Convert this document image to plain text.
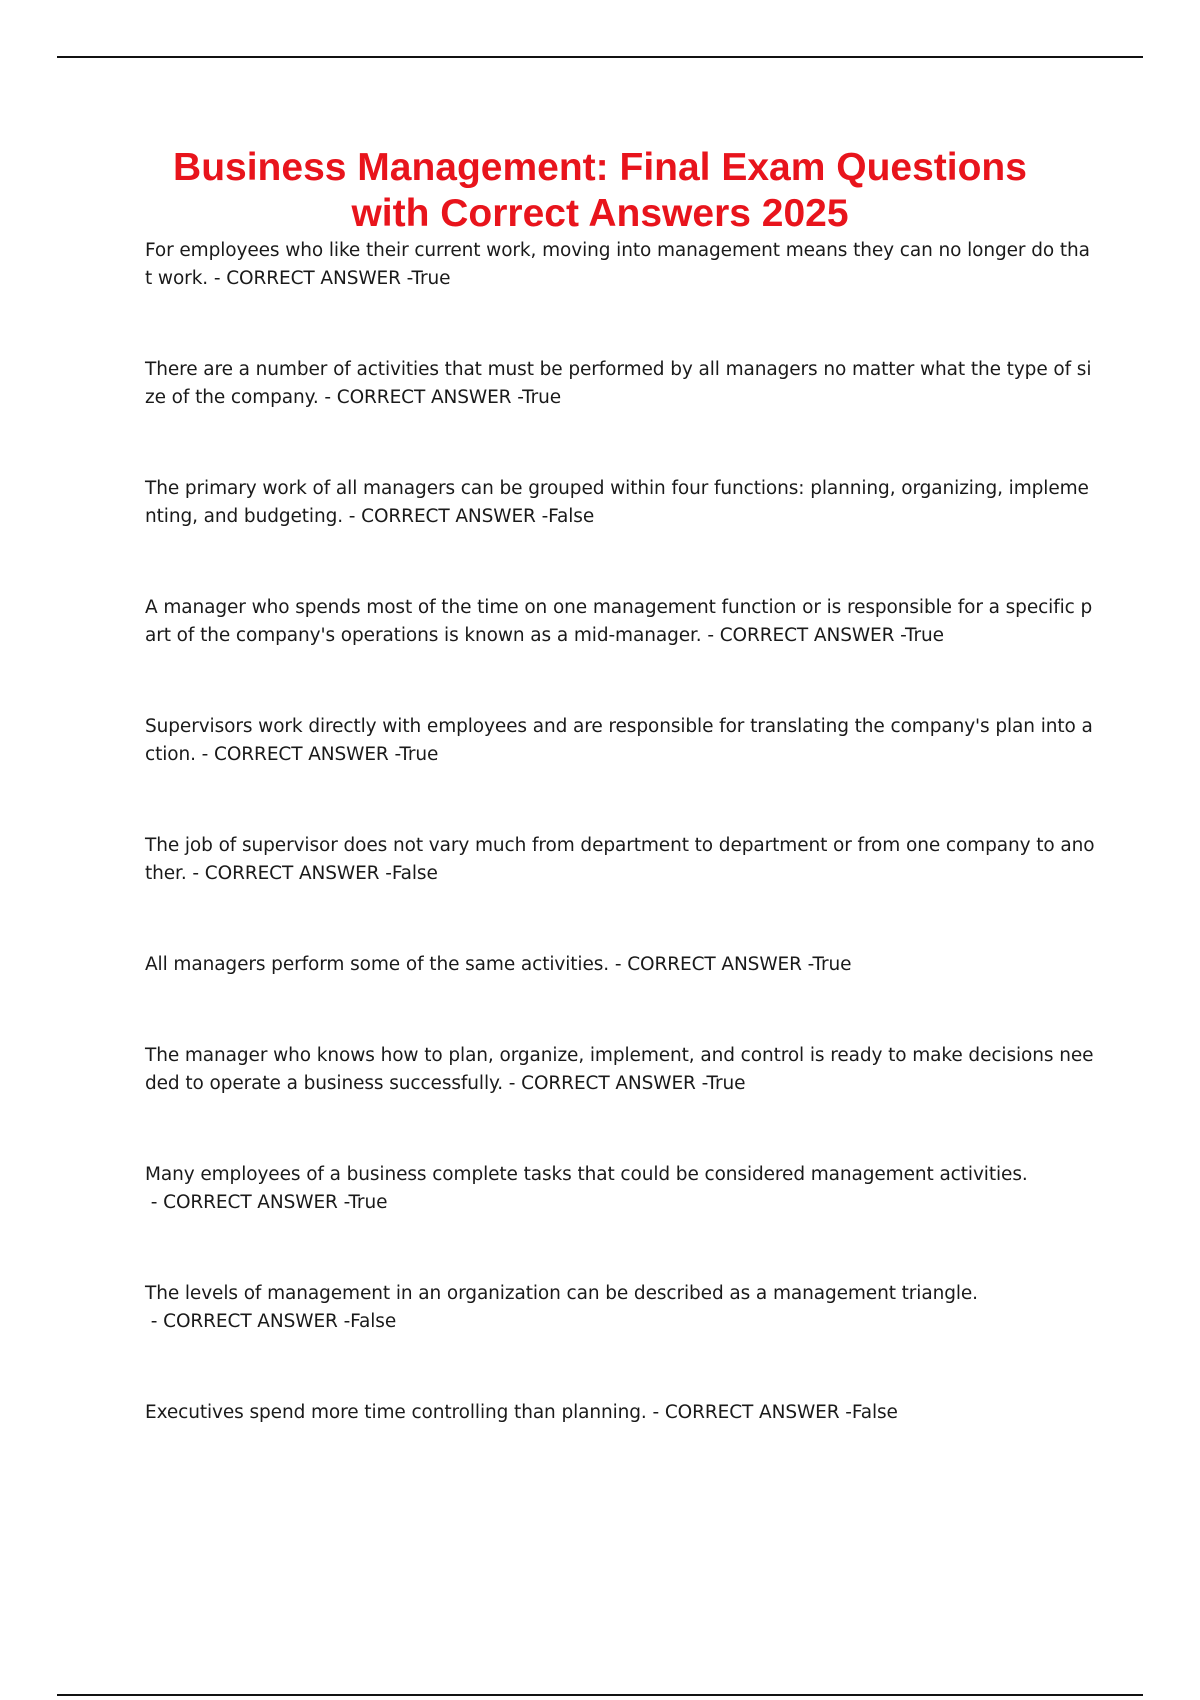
Business Management: Final Exam Questions
with Correct Answers 2025

For employees who like their current work, moving into management means they can no longer do that work. - CORRECT ANSWER -True

There are a number of activities that must be performed by all managers no matter what the type of size of the company. - CORRECT ANSWER -True

The primary work of all managers can be grouped within four functions: planning, organizing, implementing, and budgeting. - CORRECT ANSWER -False

A manager who spends most of the time on one management function or is responsible for a specific part of the company's operations is known as a mid-manager. - CORRECT ANSWER -True

Supervisors work directly with employees and are responsible for translating the company's plan into action. - CORRECT ANSWER -True

The job of supervisor does not vary much from department to department or from one company to another. - CORRECT ANSWER -False

All managers perform some of the same activities. - CORRECT ANSWER -True

The manager who knows how to plan, organize, implement, and control is ready to make decisions needed to operate a business successfully. - CORRECT ANSWER -True

Many employees of a business complete tasks that could be considered management activities. - CORRECT ANSWER -True

The levels of management in an organization can be described as a management triangle. - CORRECT ANSWER -False

Executives spend more time controlling than planning. - CORRECT ANSWER -False
